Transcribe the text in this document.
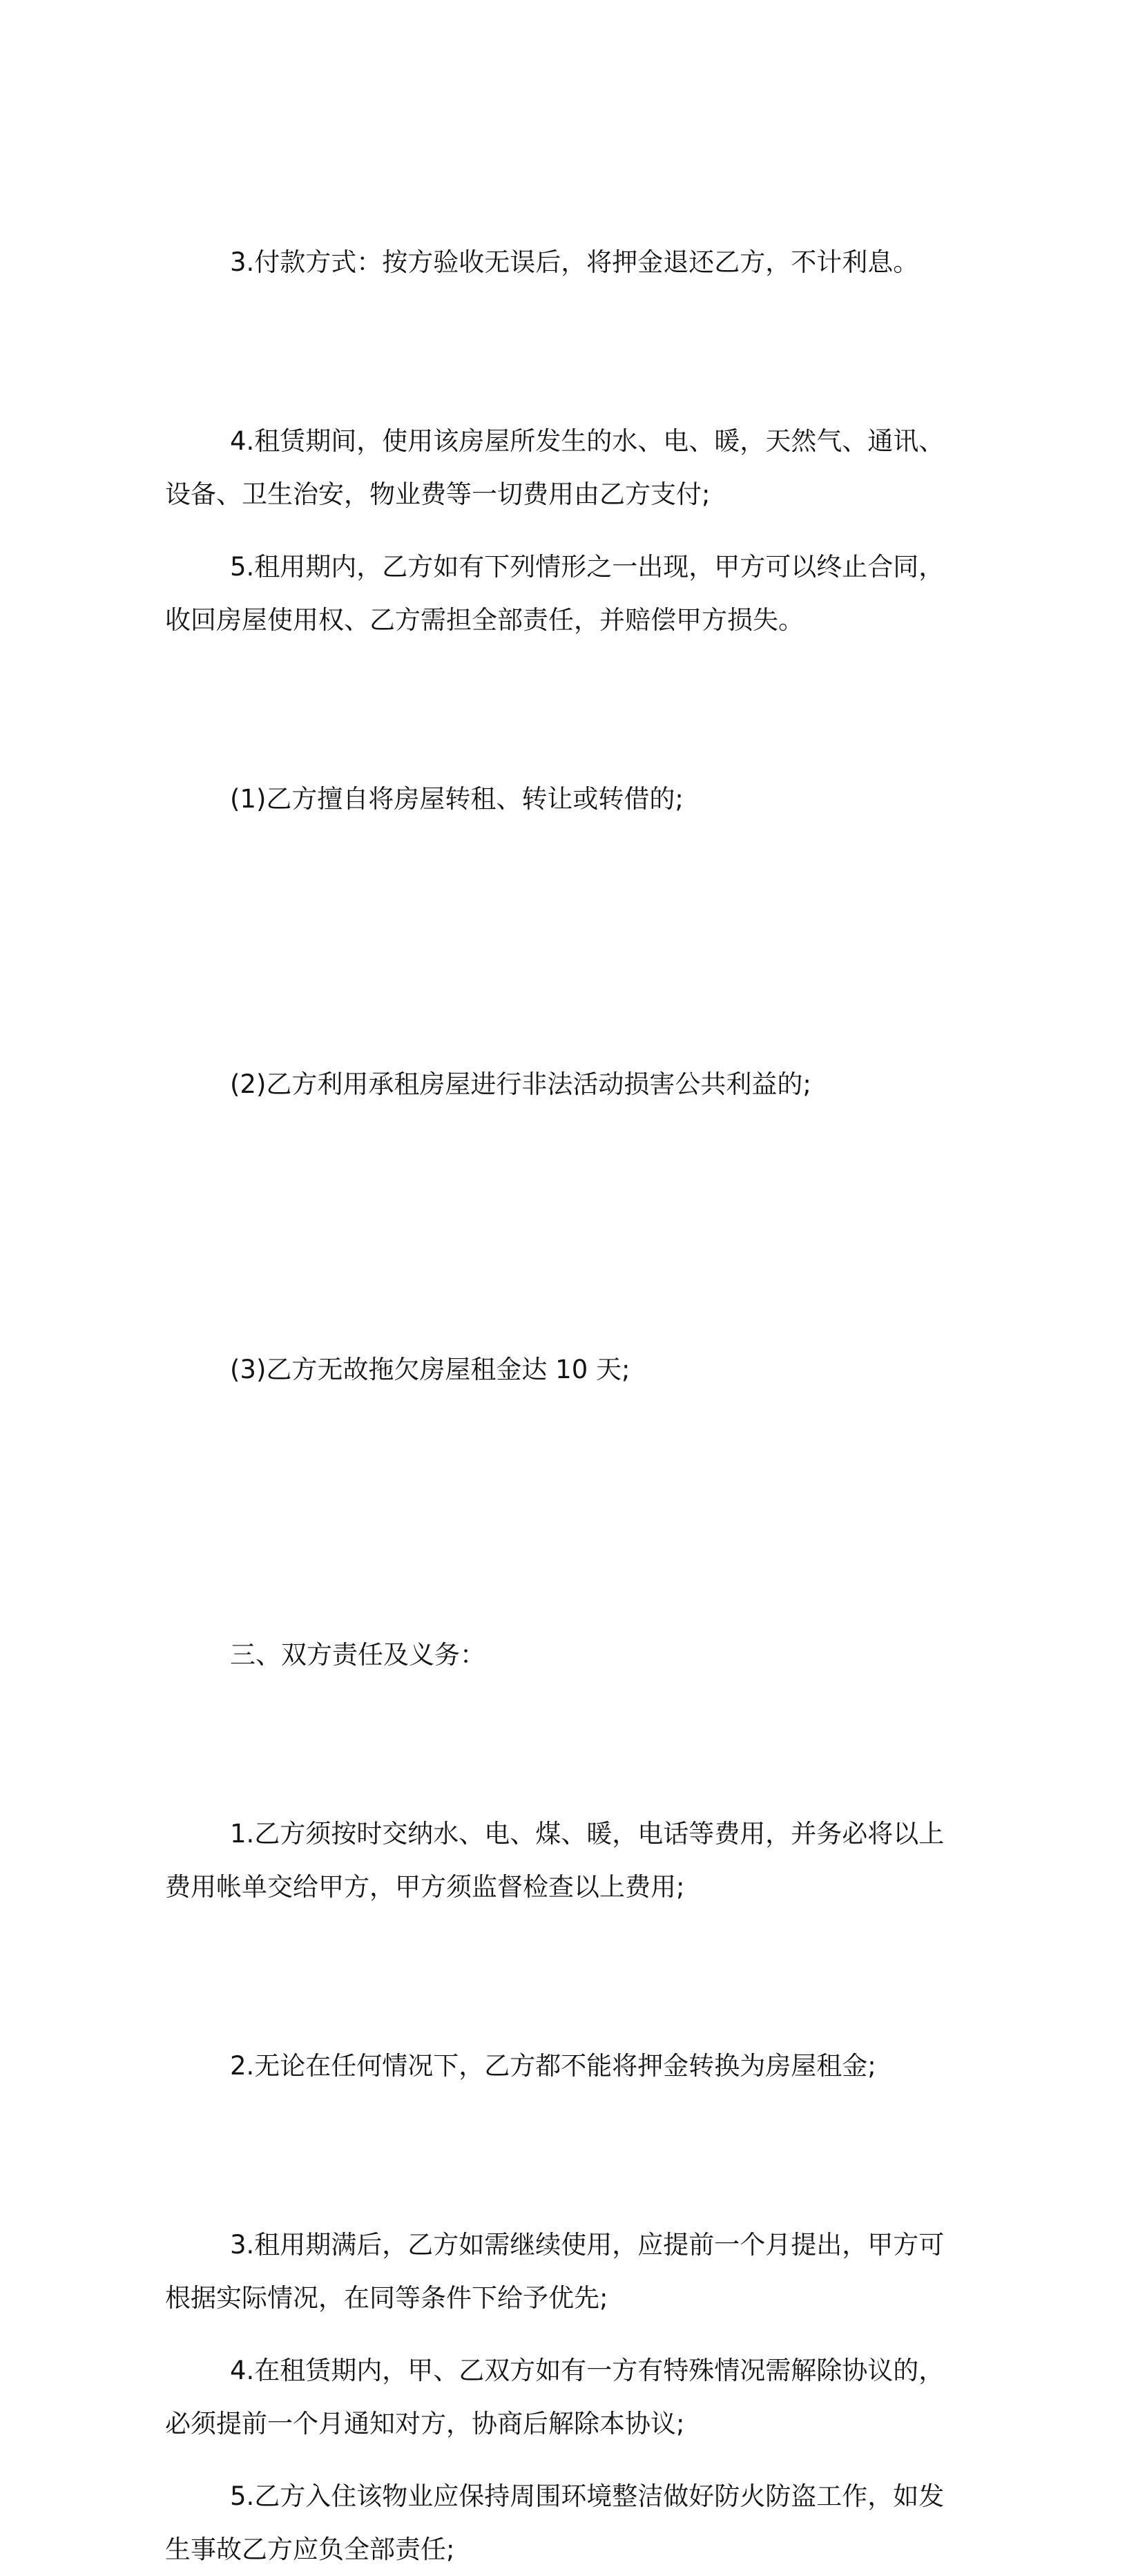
3.付款方式：按方验收无误后，将押金退还乙方，不计利息。

4.租赁期间，使用该房屋所发生的水、电、暖，天然气、通讯、
设备、卫生治安，物业费等一切费用由乙方支付;

5.租用期内，乙方如有下列情形之一出现，甲方可以终止合同，
收回房屋使用权、乙方需担全部责任，并赔偿甲方损失。

(1)乙方擅自将房屋转租、转让或转借的;

(2)乙方利用承租房屋进行非法活动损害公共利益的;

(3)乙方无故拖欠房屋租金达 10 天;

三、双方责任及义务：

1.乙方须按时交纳水、电、煤、暖，电话等费用，并务必将以上
费用帐单交给甲方，甲方须监督检查以上费用;

2.无论在任何情况下，乙方都不能将押金转换为房屋租金;

3.租用期满后，乙方如需继续使用，应提前一个月提出，甲方可
根据实际情况，在同等条件下给予优先;

4.在租赁期内，甲、乙双方如有一方有特殊情况需解除协议的，
必须提前一个月通知对方，协商后解除本协议;

5.乙方入住该物业应保持周围环境整洁做好防火防盗工作，如发
生事故乙方应负全部责任;
